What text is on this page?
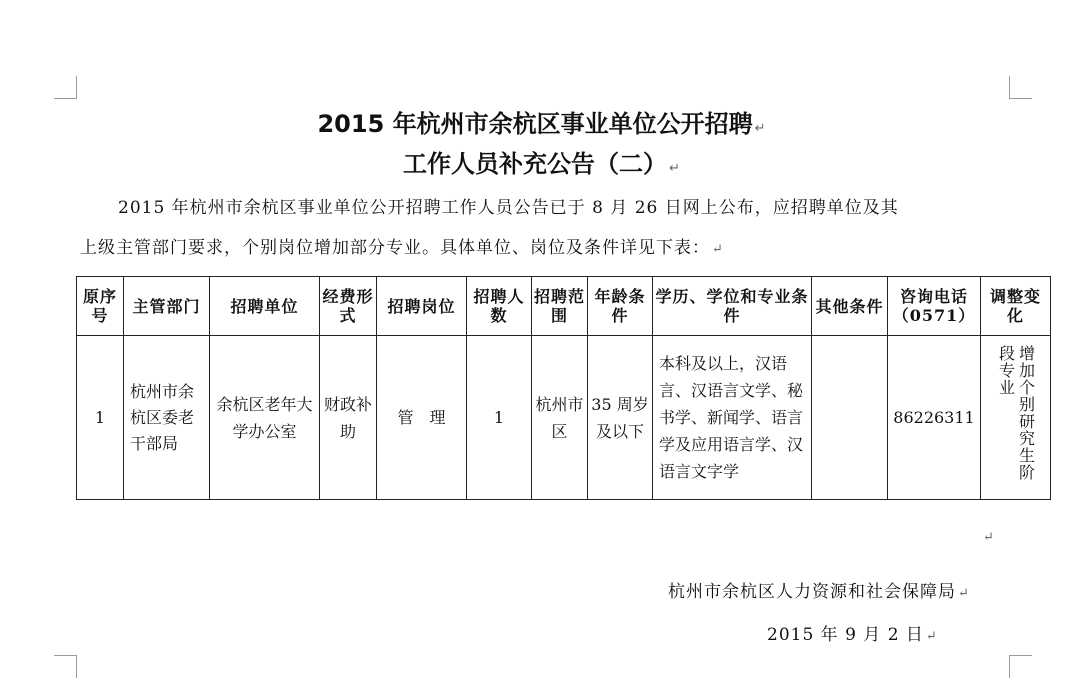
2015 年杭州市余杭区事业单位公开招聘 ↵
工作人员补充公告（二） ↵
2015 年杭州市余杭区事业单位公开招聘工作人员公告已于 8 月 26 日网上公布，应招聘单位及其
上级主管部门要求，个别岗位增加部分专业。具体单位、岗位及条件详见下表： ↵
原序号	主管部门	招聘单位	经费形式	招聘岗位	招聘人数	招聘范围	年龄条件	学历、学位和专业条件	其他条件	咨询电话（0571）	调整变化
1	杭州市余杭区委老干部局	余杭区老年大学办公室	财政补助	管　理	1	杭州市区	35 周岁及以下	本科及以上，汉语言、汉语言文学、秘书学、新闻学、语言学及应用语言学、汉语言文字学		86226311	增加个别研究生阶段专业
↵
杭州市余杭区人力资源和社会保障局 ↵
2015 年 9 月 2 日 ↵
